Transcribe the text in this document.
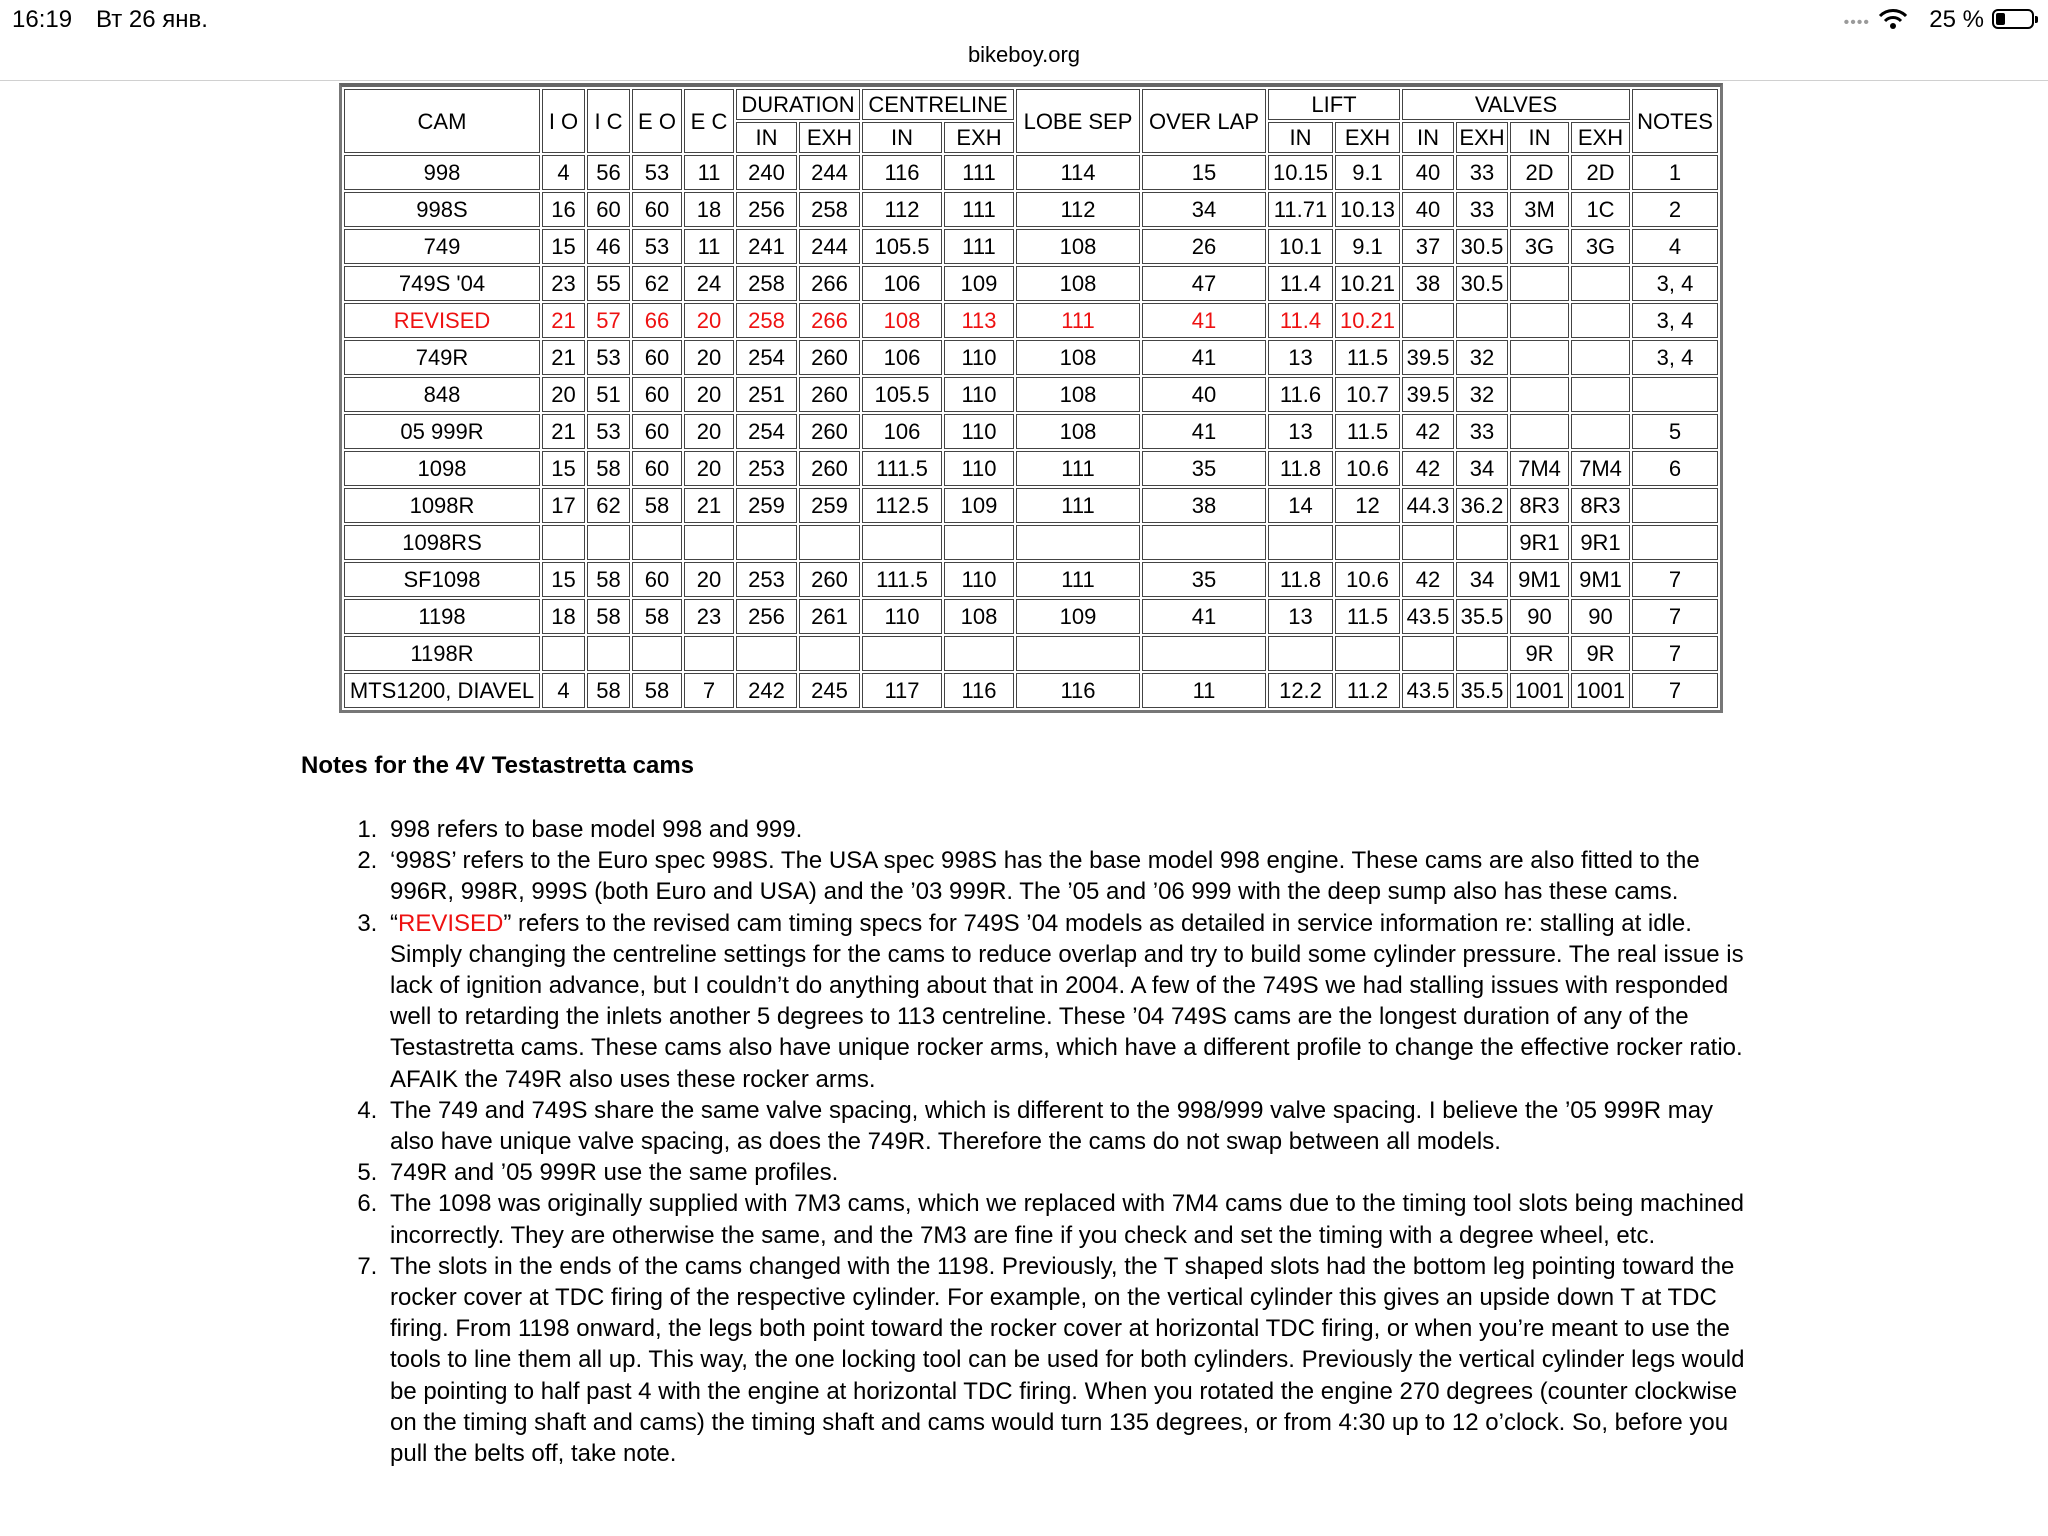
16:19 Вт 26 янв.	•••• 25 %
bikeboy.org
CAM	I O	I C	E O	E C	DURATION		CENTRELINE		LOBE SEP	OVER LAP	LIFT		VALVES				NOTES
					IN	EXH	IN	EXH			IN	EXH	IN	EXH	IN	EXH	
998	4	56	53	11	240	244	116	111	114	15	10.15	9.1	40	33	2D	2D	1
998S	16	60	60	18	256	258	112	111	112	34	11.71	10.13	40	33	3M	1C	2
749	15	46	53	11	241	244	105.5	111	108	26	10.1	9.1	37	30.5	3G	3G	4
749S '04	23	55	62	24	258	266	106	109	108	47	11.4	10.21	38	30.5			3, 4
REVISED	21	57	66	20	258	266	108	113	111	41	11.4	10.21					3, 4
749R	21	53	60	20	254	260	106	110	108	41	13	11.5	39.5	32			3, 4
848	20	51	60	20	251	260	105.5	110	108	40	11.6	10.7	39.5	32			
05 999R	21	53	60	20	254	260	106	110	108	41	13	11.5	42	33			5
1098	15	58	60	20	253	260	111.5	110	111	35	11.8	10.6	42	34	7M4	7M4	6
1098R	17	62	58	21	259	259	112.5	109	111	38	14	12	44.3	36.2	8R3	8R3	
1098RS															9R1	9R1	
SF1098	15	58	60	20	253	260	111.5	110	111	35	11.8	10.6	42	34	9M1	9M1	7
1198	18	58	58	23	256	261	110	108	109	41	13	11.5	43.5	35.5	90	90	7
1198R															9R	9R	7
MTS1200, DIAVEL	4	58	58	7	242	245	117	116	116	11	12.2	11.2	43.5	35.5	1001	1001	7

Notes for the 4V Testastretta cams

1. 998 refers to base model 998 and 999.
2. ‘998S’ refers to the Euro spec 998S. The USA spec 998S has the base model 998 engine. These cams are also fitted to the 996R, 998R, 999S (both Euro and USA) and the ’03 999R. The ’05 and ’06 999 with the deep sump also has these cams.
3. “REVISED” refers to the revised cam timing specs for 749S ’04 models as detailed in service information re: stalling at idle. Simply changing the centreline settings for the cams to reduce overlap and try to build some cylinder pressure. The real issue is lack of ignition advance, but I couldn’t do anything about that in 2004. A few of the 749S we had stalling issues with responded well to retarding the inlets another 5 degrees to 113 centreline. These ’04 749S cams are the longest duration of any of the Testastretta cams. These cams also have unique rocker arms, which have a different profile to change the effective rocker ratio. AFAIK the 749R also uses these rocker arms.
4. The 749 and 749S share the same valve spacing, which is different to the 998/999 valve spacing. I believe the ’05 999R may also have unique valve spacing, as does the 749R. Therefore the cams do not swap between all models.
5. 749R and ’05 999R use the same profiles.
6. The 1098 was originally supplied with 7M3 cams, which we replaced with 7M4 cams due to the timing tool slots being machined incorrectly. They are otherwise the same, and the 7M3 are fine if you check and set the timing with a degree wheel, etc.
7. The slots in the ends of the cams changed with the 1198. Previously, the T shaped slots had the bottom leg pointing toward the rocker cover at TDC firing of the respective cylinder. For example, on the vertical cylinder this gives an upside down T at TDC firing. From 1198 onward, the legs both point toward the rocker cover at horizontal TDC firing, or when you’re meant to use the tools to line them all up. This way, the one locking tool can be used for both cylinders. Previously the vertical cylinder legs would be pointing to half past 4 with the engine at horizontal TDC firing. When you rotated the engine 270 degrees (counter clockwise on the timing shaft and cams) the timing shaft and cams would turn 135 degrees, or from 4:30 up to 12 o’clock. So, before you pull the belts off, take note.
